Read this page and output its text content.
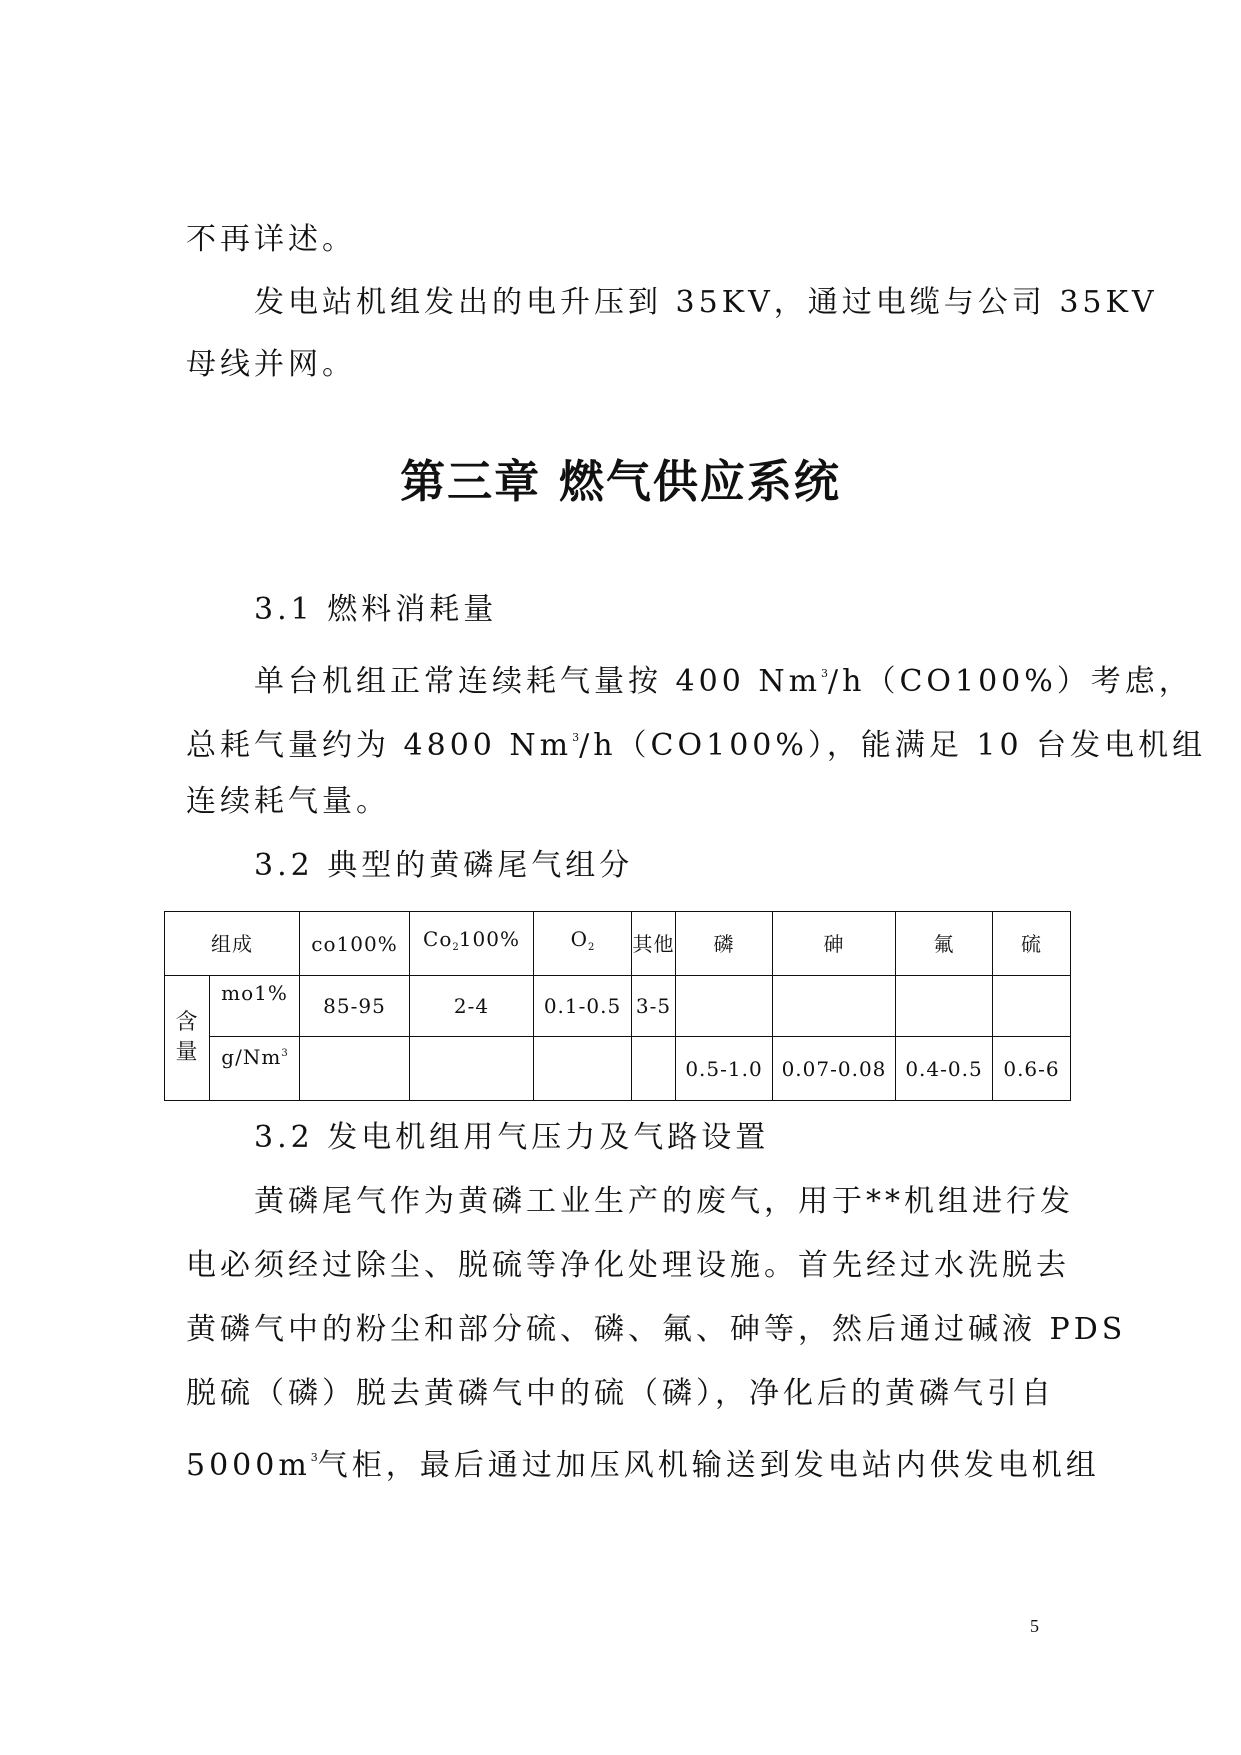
不再详述。
发电站机组发出的电升压到 35KV，通过电缆与公司 35KV
母线并网。
第三章 燃气供应系统
3.1 燃料消耗量
单台机组正常连续耗气量按 400 Nm$^3$/h（CO100%）考虑，
总耗气量约为 4800 Nm$^3$/h（CO100%），能满足 10 台发电机组
连续耗气量。
3.2 典型的黄磷尾气组分
组成		co100%	$Co_2100\%$	$O_2$	其他	磷	砷	氟	硫
含量	mo1%	85-95	2-4	0.1-0.5	3-5				
	g/Nm$^3$					0.5-1.0	0.07-0.08	0.4-0.5	0.6-6
3.2 发电机组用气压力及气路设置
黄磷尾气作为黄磷工业生产的废气，用于**机组进行发
电必须经过除尘、脱硫等净化处理设施。首先经过水洗脱去
黄磷气中的粉尘和部分硫、磷、氟、砷等，然后通过碱液 PDS
脱硫（磷）脱去黄磷气中的硫（磷），净化后的黄磷气引自
$5000m^3$气柜，最后通过加压风机输送到发电站内供发电机组
5
